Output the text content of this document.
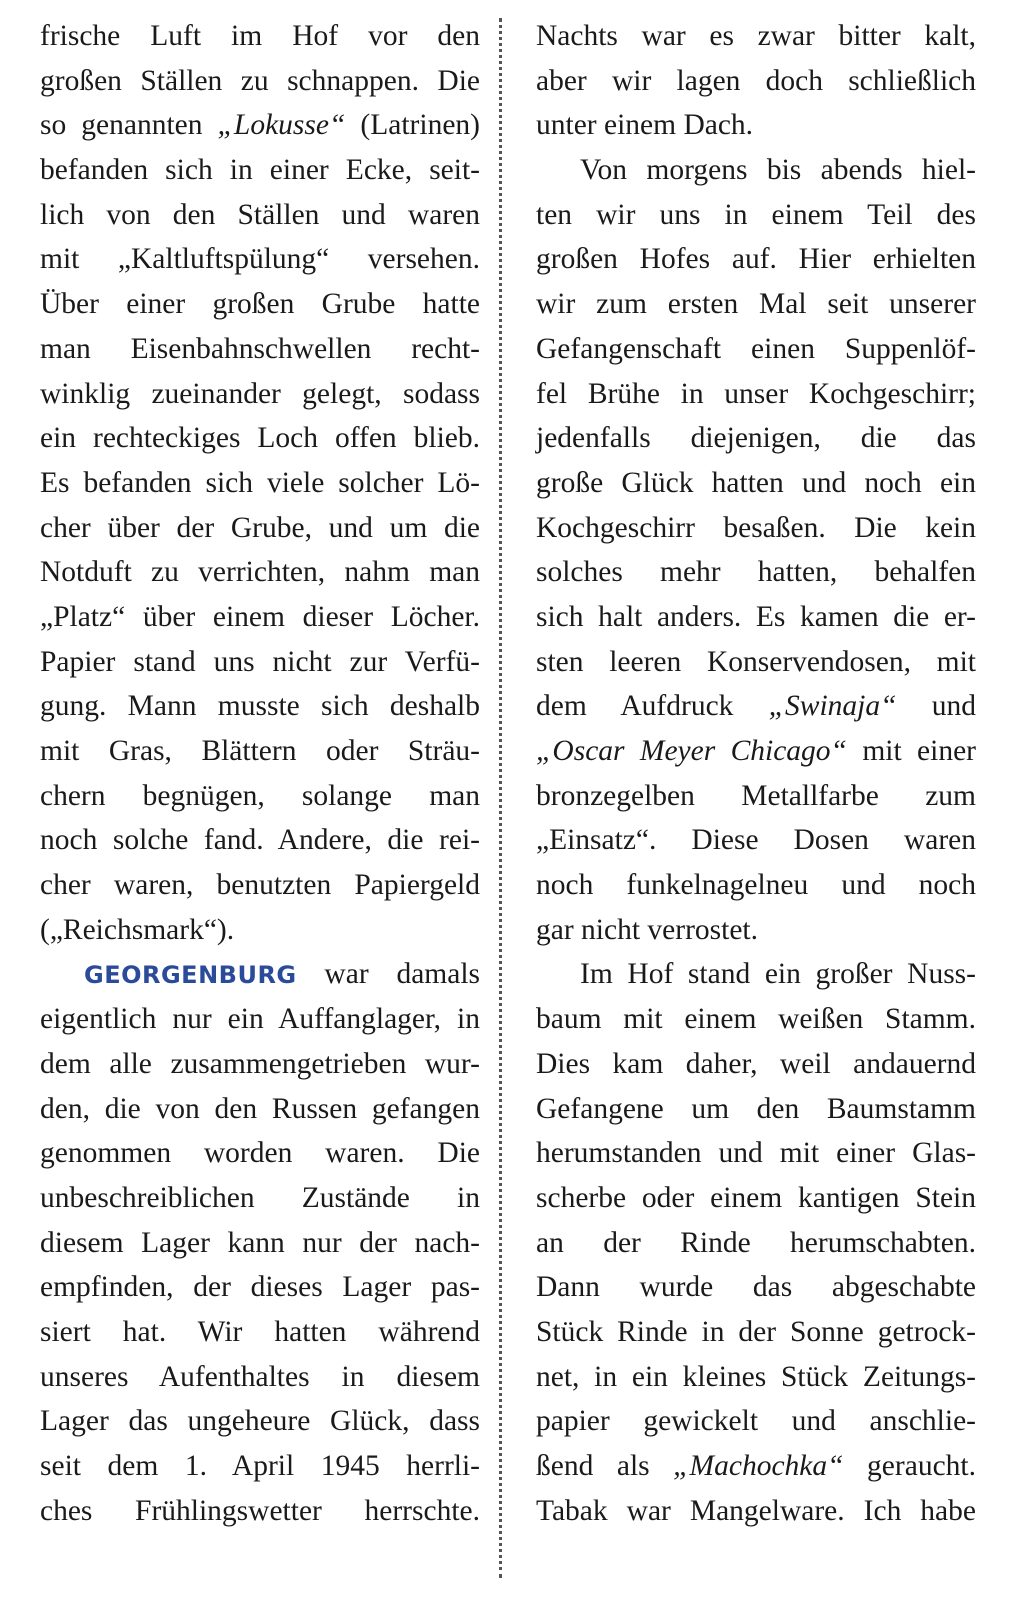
frische Luft im Hof vor den
großen Ställen zu schnappen. Die
so genannten „Lokusse“ (Latrinen)
befanden sich in einer Ecke, seit-
lich von den Ställen und waren
mit „Kaltluftspülung“ versehen.
Über einer großen Grube hatte
man Eisenbahnschwellen recht-
winklig zueinander gelegt, sodass
ein rechteckiges Loch offen blieb.
Es befanden sich viele solcher Lö-
cher über der Grube, und um die
Notduft zu verrichten, nahm man
„Platz“ über einem dieser Löcher.
Papier stand uns nicht zur Verfü-
gung. Mann musste sich deshalb
mit Gras, Blättern oder Sträu-
chern begnügen, solange man
noch solche fand. Andere, die rei-
cher waren, benutzten Papiergeld
(„Reichsmark“).
GEORGENBURG war damals
eigentlich nur ein Auffanglager, in
dem alle zusammengetrieben wur-
den, die von den Russen gefangen
genommen worden waren. Die
unbeschreiblichen Zustände in
diesem Lager kann nur der nach-
empfinden, der dieses Lager pas-
siert hat. Wir hatten während
unseres Aufenthaltes in diesem
Lager das ungeheure Glück, dass
seit dem 1. April 1945 herrli-
ches Frühlingswetter herrschte.
Nachts war es zwar bitter kalt,
aber wir lagen doch schließlich
unter einem Dach.
Von morgens bis abends hiel-
ten wir uns in einem Teil des
großen Hofes auf. Hier erhielten
wir zum ersten Mal seit unserer
Gefangenschaft einen Suppenlöf-
fel Brühe in unser Kochgeschirr;
jedenfalls diejenigen, die das
große Glück hatten und noch ein
Kochgeschirr besaßen. Die kein
solches mehr hatten, behalfen
sich halt anders. Es kamen die er-
sten leeren Konservendosen, mit
dem Aufdruck „Swinaja“ und
„Oscar Meyer Chicago“ mit einer
bronzegelben Metallfarbe zum
„Einsatz“. Diese Dosen waren
noch funkelnagelneu und noch
gar nicht verrostet.
Im Hof stand ein großer Nuss-
baum mit einem weißen Stamm.
Dies kam daher, weil andauernd
Gefangene um den Baumstamm
herumstanden und mit einer Glas-
scherbe oder einem kantigen Stein
an der Rinde herumschabten.
Dann wurde das abgeschabte
Stück Rinde in der Sonne getrock-
net, in ein kleines Stück Zeitungs-
papier gewickelt und anschlie-
ßend als „Machochka“ geraucht.
Tabak war Mangelware. Ich habe
